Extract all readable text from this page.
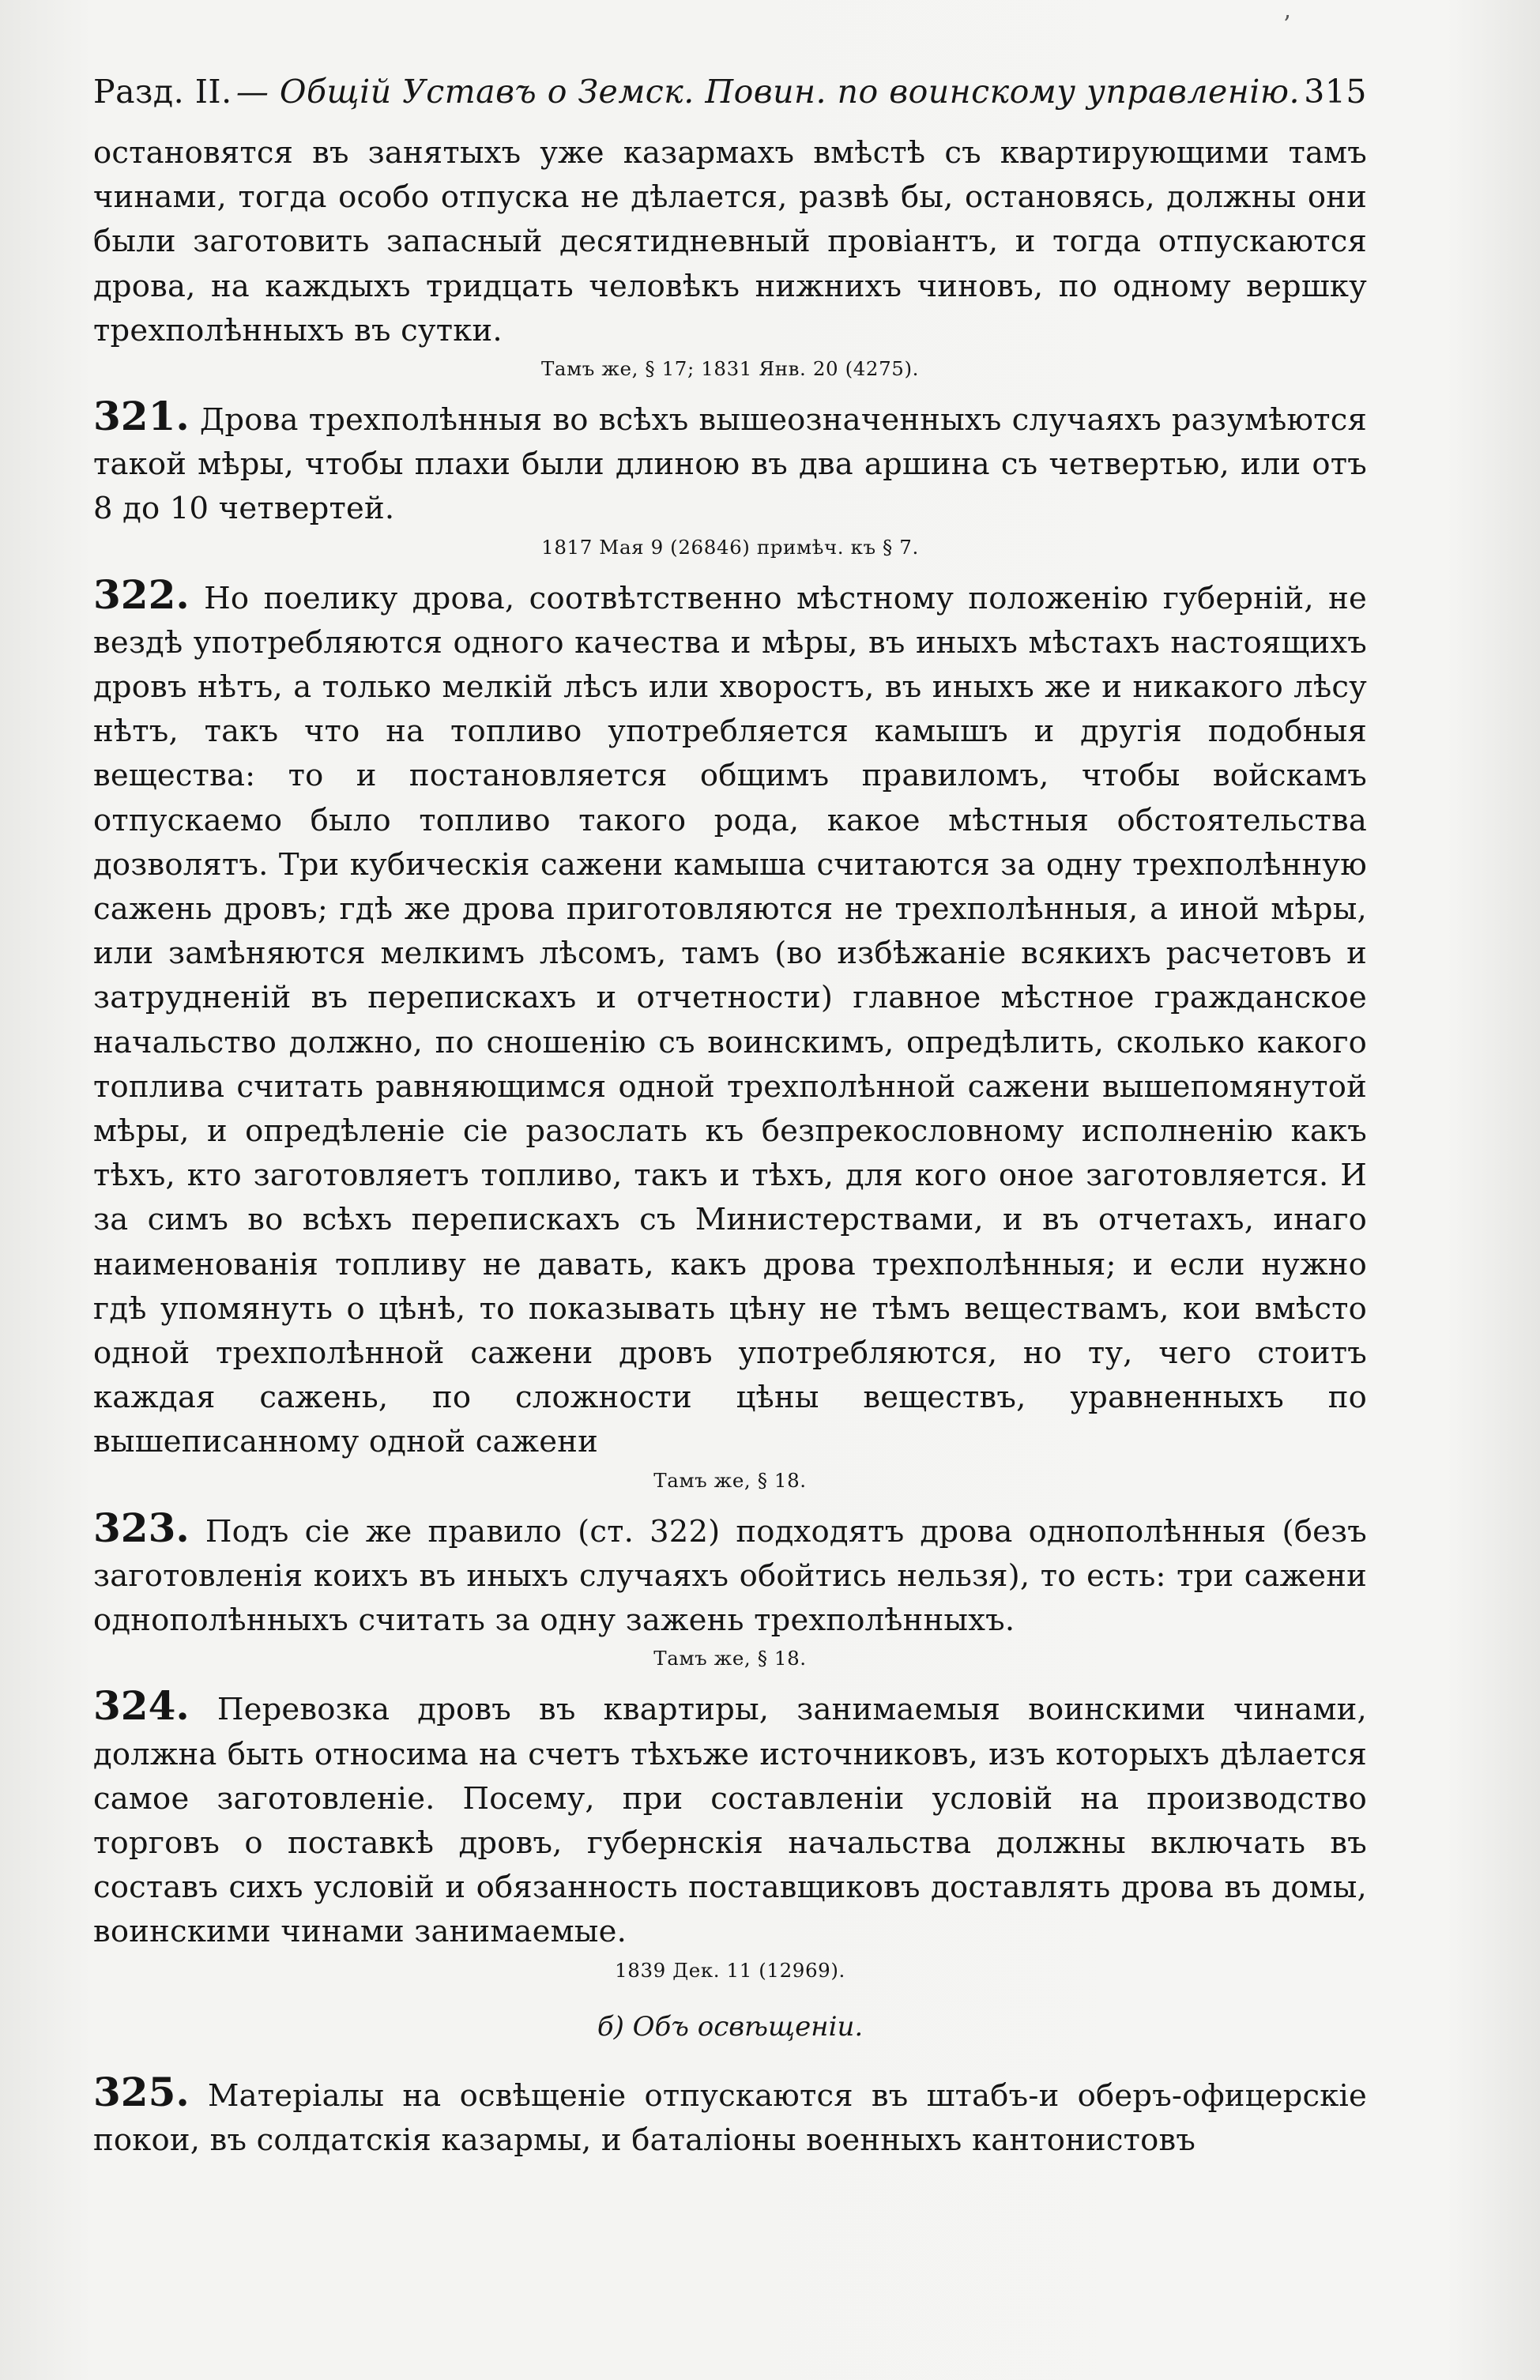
’
Разд. II. — Общій Уставъ о Земск. Повин. по воинскому управленію. 315

остановятся въ занятыхъ уже казармахъ вмѣстѣ съ квартирующими тамъ чинами, тогда особо отпуска не дѣлается, развѣ бы, остановясь, должны они были заготовить запасный десятидневный провіантъ, и тогда отпускаются дрова, на каждыхъ тридцать человѣкъ нижнихъ чиновъ, по одному вершку трехполѣнныхъ въ сутки.

Тамъ же, § 17; 1831 Янв. 20 (4275).

321. Дрова трехполѣнныя во всѣхъ вышеозначенныхъ случаяхъ разумѣются такой мѣры, чтобы плахи были длиною въ два аршина съ четвертью, или отъ 8 до 10 четвертей.

1817 Мая 9 (26846) примѣч. къ § 7.

322. Но поелику дрова, соотвѣтственно мѣстному положенію губерній, не вездѣ употребляются одного качества и мѣры, въ иныхъ мѣстахъ настоящихъ дровъ нѣтъ, а только мелкій лѣсъ или хворостъ, въ иныхъ же и никакого лѣсу нѣтъ, такъ что на топливо употребляется камышъ и другія подобныя вещества: то и постановляется общимъ правиломъ, чтобы войскамъ отпускаемо было топливо такого рода, какое мѣстныя обстоятельства дозволятъ. Три кубическія сажени камыша считаются за одну трехполѣнную сажень дровъ; гдѣ же дрова приготовляются не трехполѣнныя, а иной мѣры, или замѣняются мелкимъ лѣсомъ, тамъ (во избѣжаніе всякихъ расчетовъ и затрудненій въ перепискахъ и отчетности) главное мѣстное гражданское начальство должно, по сношенію съ воинскимъ, опредѣлить, сколько какого топлива считать равняющимся одной трехполѣнной сажени вышепомянутой мѣры, и опредѣленіе сіе разослать къ безпрекословному исполненію какъ тѣхъ, кто заготовляетъ топливо, такъ и тѣхъ, для кого оное заготовляется. И за симъ во всѣхъ перепискахъ съ Министерствами, и въ отчетахъ, инаго наименованія топливу не давать, какъ дрова трехполѣнныя; и если нужно гдѣ упомянуть о цѣнѣ, то показывать цѣну не тѣмъ веществамъ, кои вмѣсто одной трехполѣнной сажени дровъ употребляются, но ту, чего стоитъ каждая сажень, по сложности цѣны веществъ, уравненныхъ по вышеписанному одной сажени

Тамъ же, § 18.

323. Подъ сіе же правило (ст. 322) подходятъ дрова однополѣнныя (безъ заготовленія коихъ въ иныхъ случаяхъ обойтись нельзя), то есть: три сажени однополѣнныхъ считать за одну зажень трехполѣнныхъ.

Тамъ же, § 18.

324. Перевозка дровъ въ квартиры, занимаемыя воинскими чинами, должна быть относима на счетъ тѣхъже источниковъ, изъ которыхъ дѣлается самое заготовленіе. Посему, при составленіи условій на производство торговъ о поставкѣ дровъ, губернскія начальства должны включать въ составъ сихъ условій и обязанность поставщиковъ доставлять дрова въ домы, воинскими чинами занимаемые.

1839 Дек. 11 (12969).
б) Объ освѣщеніи.

325. Матеріалы на освѣщеніе отпускаются въ штабъ-и оберъ-офицерскіе покои, въ солдатскія казармы, и баталіоны военныхъ кантонистовъ
